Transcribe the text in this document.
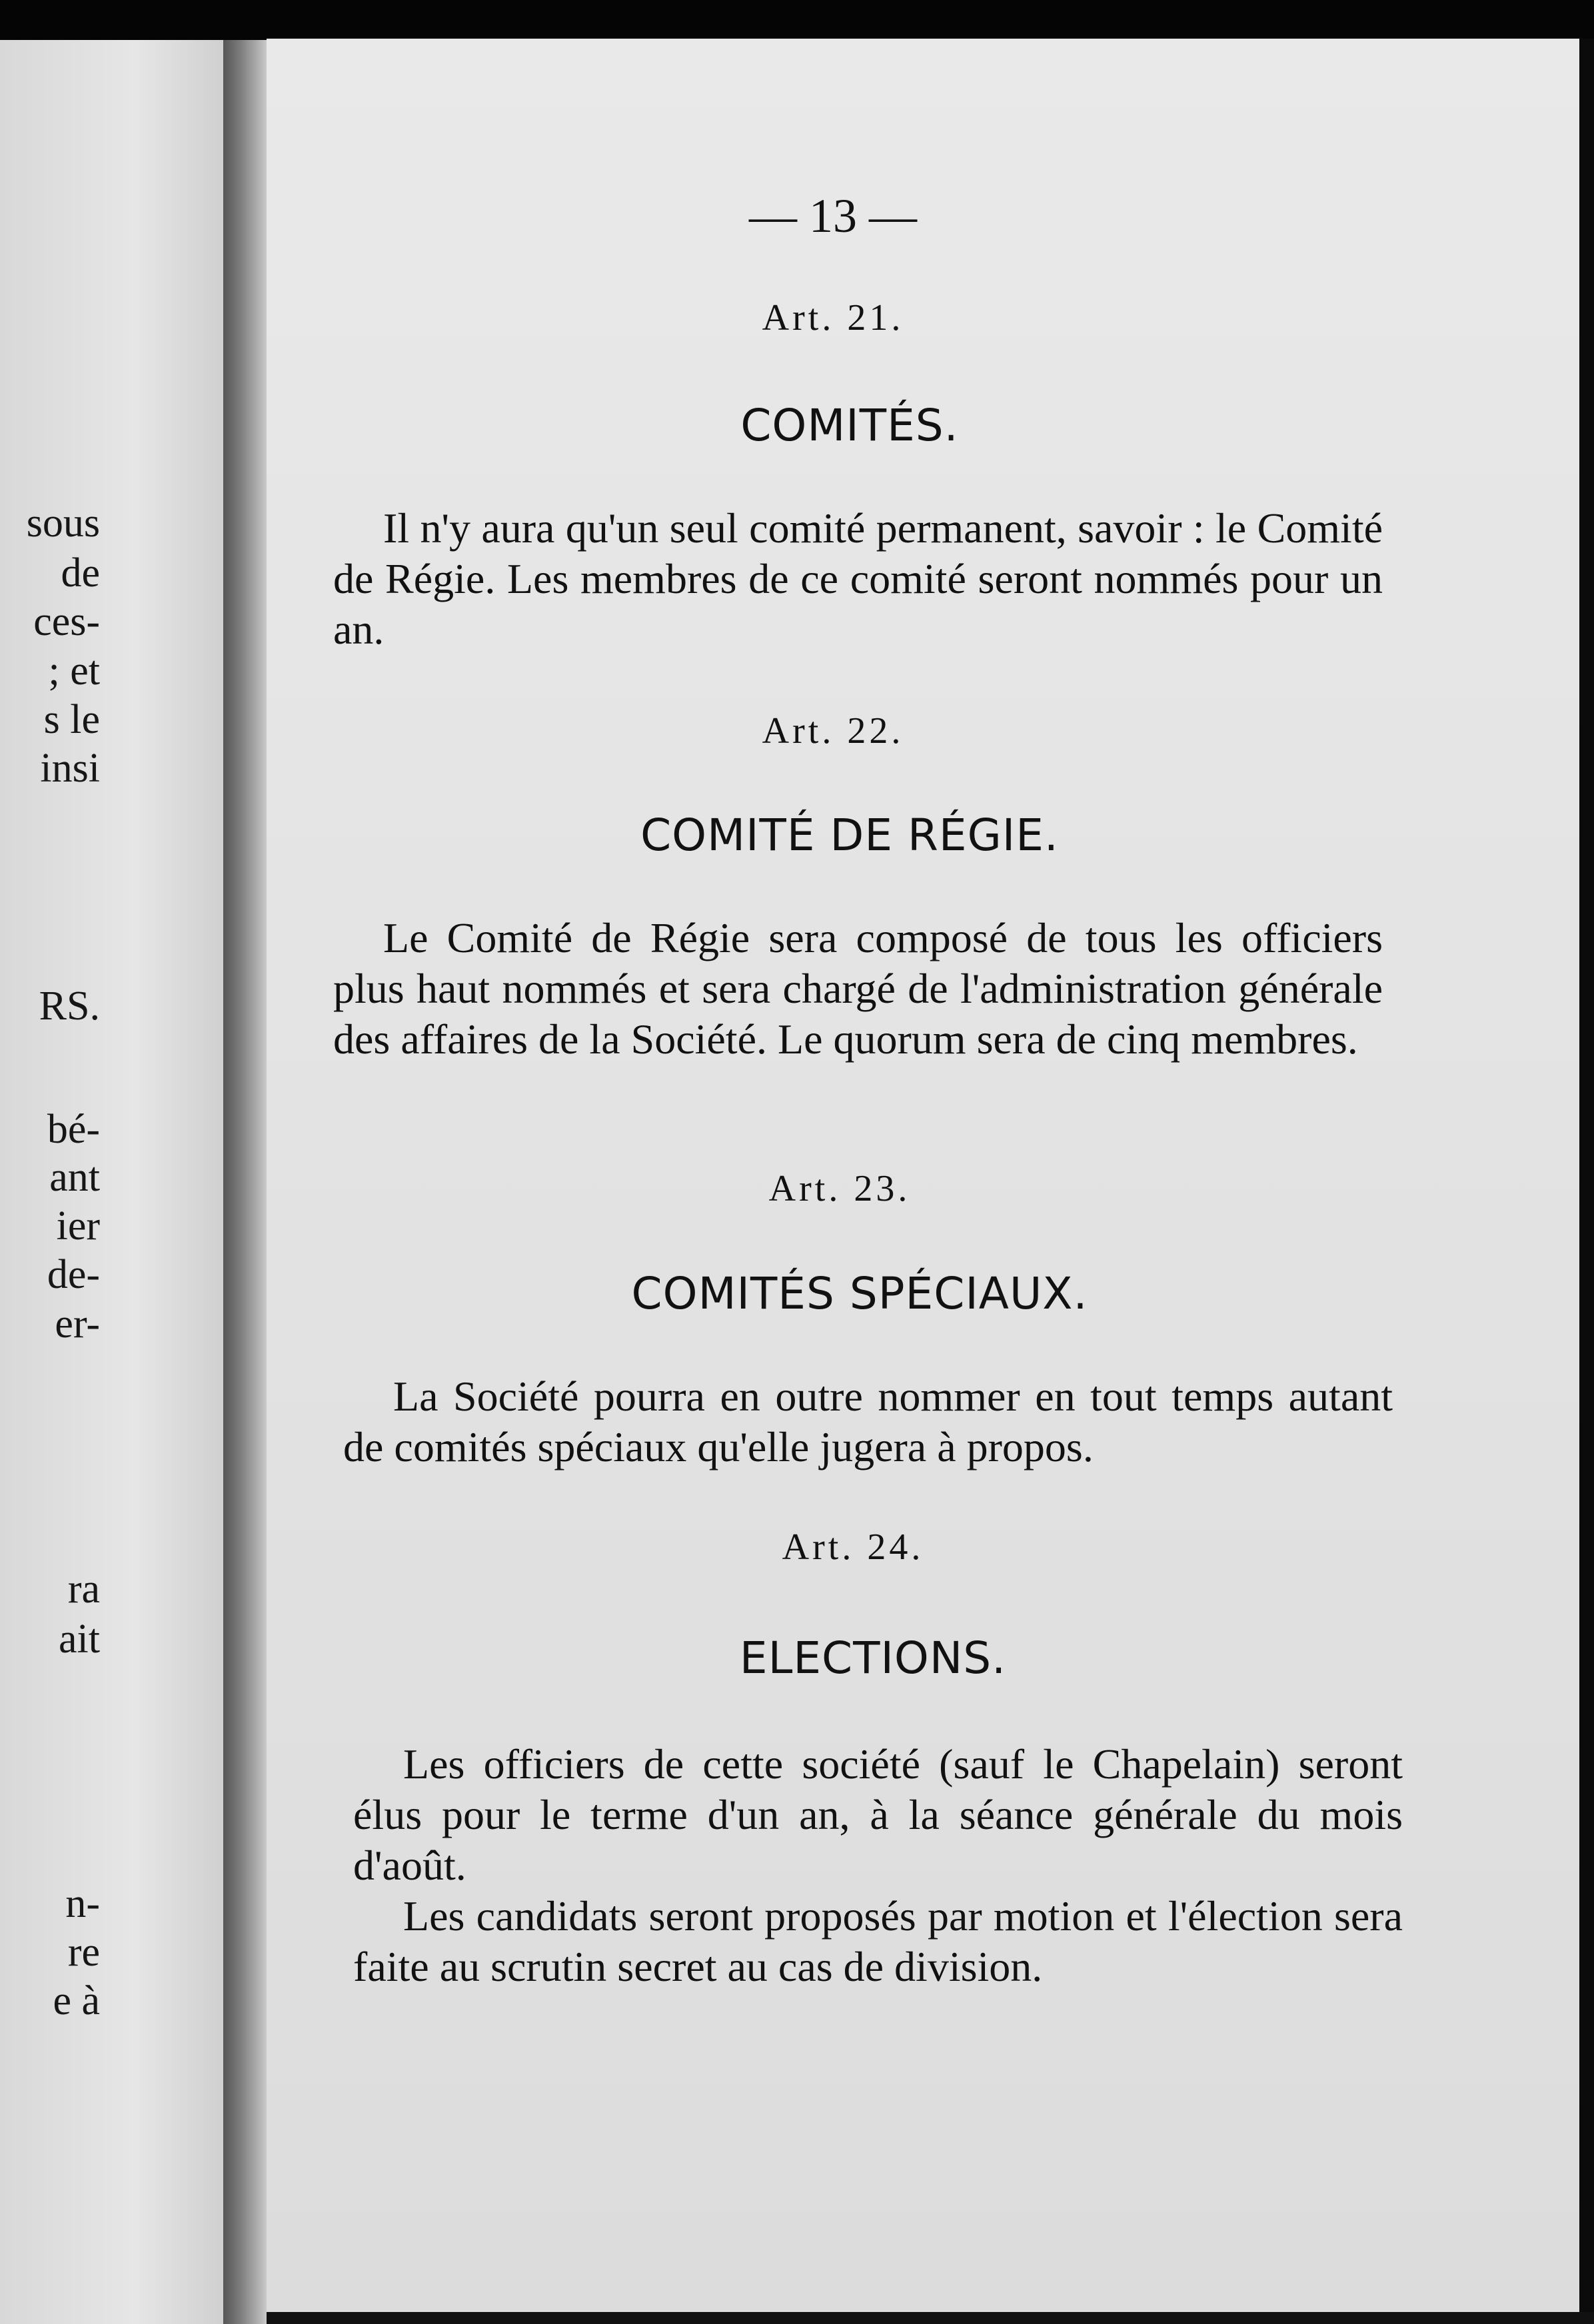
sous
de
ces-
; et
s le
insi
RS.
bé-
ant
ier
de-
er-
ra
ait
n-
re
e à
— 13 —
Art. 21.
COMITÉS.
Il n'y aura qu'un seul comité permanent, savoir : le Comité de Régie. Les membres de ce comité seront nommés pour un an.
Art. 22.
COMITÉ DE RÉGIE.
Le Comité de Régie sera composé de tous les officiers plus haut nommés et sera chargé de l'administration générale des affaires de la Société. Le quorum sera de cinq membres.
Art. 23.
COMITÉS SPÉCIAUX.
La Société pourra en outre nommer en tout temps autant de comités spéciaux qu'elle jugera à propos.
Art. 24.
ELECTIONS.
Les officiers de cette société (sauf le Chapelain) seront élus pour le terme d'un an, à la séance générale du mois d'août.
Les candidats seront proposés par motion et l'élection sera faite au scrutin secret au cas de division.
